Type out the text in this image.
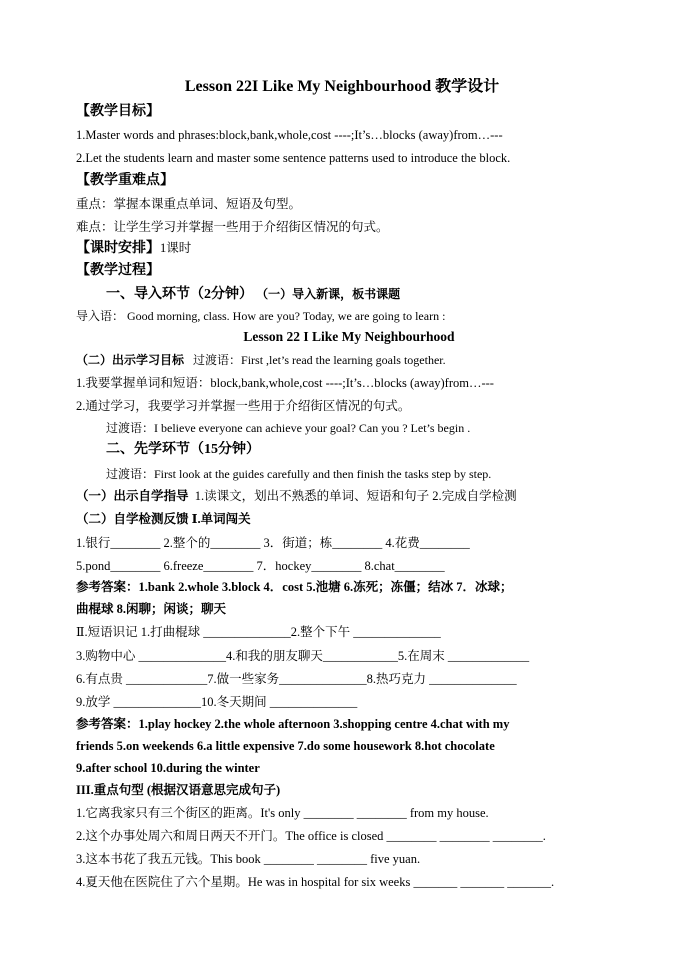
Lesson 22I Like My Neighbourhood 教学设计
【教学目标】
1.Master words and phrases:block,bank,whole,cost ----;It’s…blocks (away)from…---
2.Let the students learn and master some sentence patterns used to introduce the block.
【教学重难点】
重点：掌握本课重点单词、短语及句型。
难点：让学生学习并掌握一些用于介绍街区情况的句式。
【课时安排】1课时
【教学过程】
一、导入环节（2分钟） （一）导入新课，板书课题
导入语： Good morning, class. How are you? Today, we are going to learn :
Lesson 22 I Like My Neighbourhood
（二）出示学习目标 过渡语：First ,let’s read the learning goals together.
1.我要掌握单词和短语：block,bank,whole,cost ----;It’s…blocks (away)from…---
2.通过学习，我要学习并掌握一些用于介绍街区情况的句式。
过渡语：I believe everyone can achieve your goal? Can you ? Let’s begin .
二、先学环节（15分钟）
过渡语：First look at the guides carefully and then finish the tasks step by step.
（一）出示自学指导 1.读课文，划出不熟悉的单词、短语和句子 2.完成自学检测
（二）自学检测反馈 Ⅰ.单词闯关
1.银行________ 2.整个的________ 3．街道；栋________ 4.花费________
5.pond________ 6.freeze________ 7．hockey________ 8.chat________
参考答案：1.bank 2.whole 3.block 4．cost 5.池塘 6.冻死；冻僵；结冰 7．冰球；
曲棍球 8.闲聊；闲谈；聊天
Ⅱ.短语识记 1.打曲棍球 ______________2.整个下午 ______________
3.购物中心 ______________4.和我的朋友聊天____________5.在周末 _____________
6.有点贵 _____________7.做一些家务______________8.热巧克力 ______________
9.放学 ______________10.冬天期间 ______________
参考答案：1.play hockey 2.the whole afternoon 3.shopping centre 4.chat with my
friends 5.on weekends 6.a little expensive 7.do some housework 8.hot chocolate
9.after school 10.during the winter
III.重点句型 (根据汉语意思完成句子)
1.它离我家只有三个街区的距离。It's only ________ ________ from my house.
2.这个办事处周六和周日两天不开门。The office is closed ________ ________ ________.
3.这本书花了我五元钱。This book ________ ________ five yuan.
4.夏天他在医院住了六个星期。He was in hospital for six weeks _______ _______ _______.
